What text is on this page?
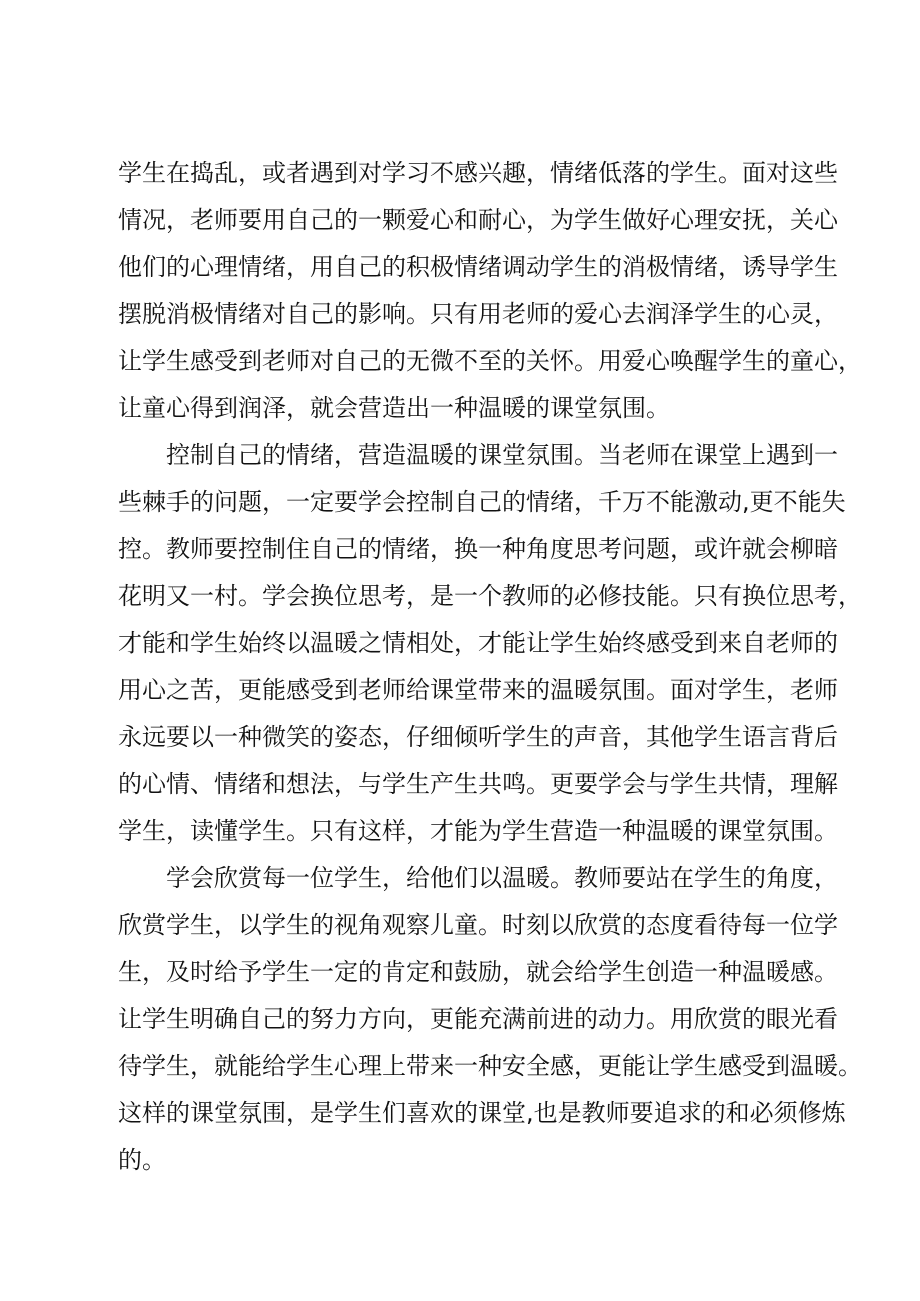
学生在捣乱，或者遇到对学习不感兴趣，情绪低落的学生。面对这些
情况，老师要用自己的一颗爱心和耐心，为学生做好心理安抚，关心
他们的心理情绪，用自己的积极情绪调动学生的消极情绪，诱导学生
摆脱消极情绪对自己的影响。只有用老师的爱心去润泽学生的心灵，
让学生感受到老师对自己的无微不至的关怀。用爱心唤醒学生的童心，
让童心得到润泽，就会营造出一种温暖的课堂氛围。
控制自己的情绪，营造温暖的课堂氛围。当老师在课堂上遇到一
些棘手的问题，一定要学会控制自己的情绪，千万不能激动,更不能失
控。教师要控制住自己的情绪，换一种角度思考问题，或许就会柳暗
花明又一村。学会换位思考，是一个教师的必修技能。只有换位思考，
才能和学生始终以温暖之情相处，才能让学生始终感受到来自老师的
用心之苦，更能感受到老师给课堂带来的温暖氛围。面对学生，老师
永远要以一种微笑的姿态，仔细倾听学生的声音，其他学生语言背后
的心情、情绪和想法，与学生产生共鸣。更要学会与学生共情，理解
学生，读懂学生。只有这样，才能为学生营造一种温暖的课堂氛围。
学会欣赏每一位学生，给他们以温暖。教师要站在学生的角度，
欣赏学生，以学生的视角观察儿童。时刻以欣赏的态度看待每一位学
生，及时给予学生一定的肯定和鼓励，就会给学生创造一种温暖感。
让学生明确自己的努力方向，更能充满前进的动力。用欣赏的眼光看
待学生，就能给学生心理上带来一种安全感，更能让学生感受到温暖。
这样的课堂氛围，是学生们喜欢的课堂,也是教师要追求的和必须修炼
的。
